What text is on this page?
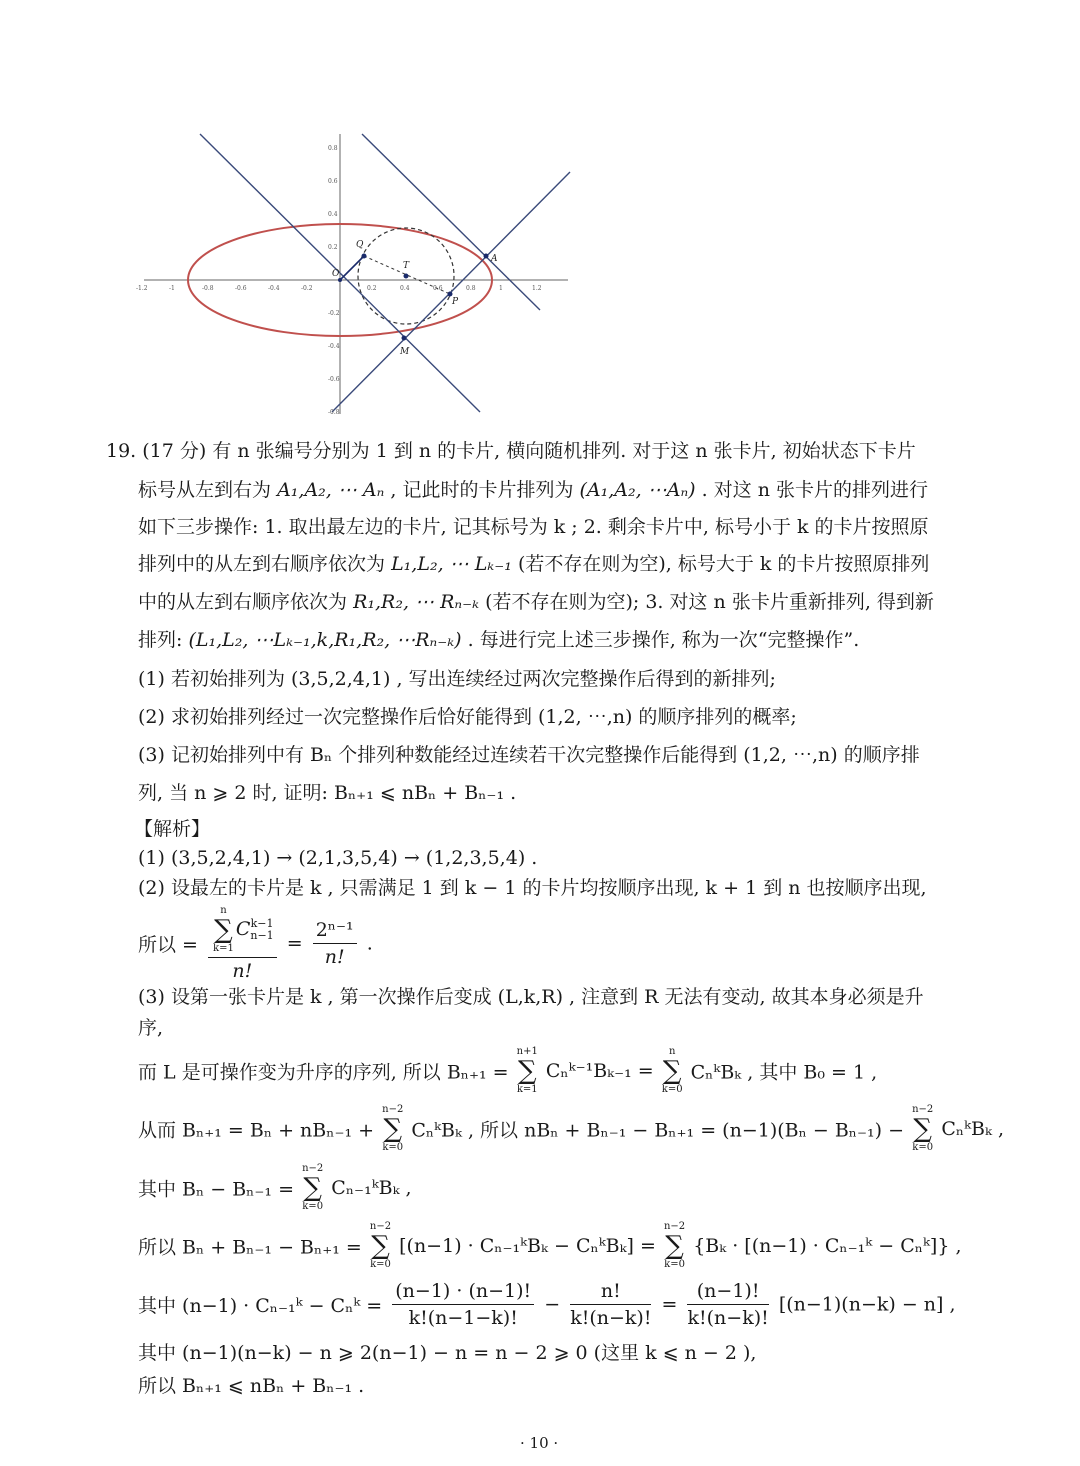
Q
T
P
A
M
O
-1.2	-1	-0.8	-0.6	-0.4	-0.2	0.2	0.4	0.6	0.8	1	1.2
0.8
0.6
0.4
0.2
-0.2
-0.4
-0.6
-0.8
19. (17 分) 有 n 张编号分别为 1 到 n 的卡片, 横向随机排列. 对于这 n 张卡片, 初始状态下卡片
标号从左到右为 A₁,A₂, ⋯ Aₙ , 记此时的卡片排列为 (A₁,A₂, ⋯Aₙ) . 对这 n 张卡片的排列进行
如下三步操作: 1. 取出最左边的卡片, 记其标号为 k ; 2. 剩余卡片中, 标号小于 k 的卡片按照原
排列中的从左到右顺序依次为 L₁,L₂, ⋯ Lₖ₋₁ (若不存在则为空), 标号大于 k 的卡片按照原排列
中的从左到右顺序依次为 R₁,R₂, ⋯ Rₙ₋ₖ (若不存在则为空); 3. 对这 n 张卡片重新排列, 得到新
排列: (L₁,L₂, ⋯Lₖ₋₁,k,R₁,R₂, ⋯Rₙ₋ₖ) . 每进行完上述三步操作, 称为一次“完整操作”.
(1) 若初始排列为 (3,5,2,4,1) , 写出连续经过两次完整操作后得到的新排列;
(2) 求初始排列经过一次完整操作后恰好能得到 (1,2, ⋯,n) 的顺序排列的概率;
(3) 记初始排列中有 Bₙ 个排列种数能经过连续若干次完整操作后能得到 (1,2, ⋯,n) 的顺序排
列, 当 n ⩾ 2 时, 证明: Bₙ₊₁ ⩽ nBₙ + Bₙ₋₁ .
【解析】
(1) (3,5,2,4,1) → (2,1,3,5,4) → (1,2,3,5,4) .
(2) 设最左的卡片是 k , 只需满足 1 到 k − 1 的卡片均按顺序出现, k + 1 到 n 也按顺序出现,
所以 = n
∑
k=1
C k−1
n−1
n! = $\frac{\text{2ⁿ⁻¹}}{n!}$ .
(3) 设第一张卡片是 k , 第一次操作后变成 (L,k,R) , 注意到 R 无法有变动, 故其本身必须是升
序,
而 L 是可操作变为升序的序列, 所以 Bₙ₊₁ =
n+1
∑
k=1
Cₙᵏ⁻¹Bₖ₋₁ =
n
∑
k=0
CₙᵏBₖ , 其中 B₀ = 1 ,
从而 Bₙ₊₁ = Bₙ + nBₙ₋₁ +
n−2
∑
k=0
CₙᵏBₖ , 所以 nBₙ + Bₙ₋₁ − Bₙ₊₁ = (n−1)(Bₙ − Bₙ₋₁) −
n−2
∑
k=0
CₙᵏBₖ ,
其中 Bₙ − Bₙ₋₁ =
n−2
∑
k=0
Cₙ₋₁ᵏBₖ ,
所以 Bₙ + Bₙ₋₁ − Bₙ₊₁ =
n−2
∑
k=0
[(n−1) · Cₙ₋₁ᵏBₖ − CₙᵏBₖ] =
n−2
∑
k=0
{Bₖ · [(n−1) · Cₙ₋₁ᵏ − Cₙᵏ]} ,
其中 (n−1) · Cₙ₋₁ᵏ − Cₙᵏ = $\frac{(n-1) \cdot (n-1)!}{k!(n-1-k)!} - \frac{n!}{k!(n-k)!} = \frac{(n-1)!}{k!(n-k)!} [(n-1)(n-k) - n]$ ,
其中 (n−1)(n−k) − n ⩾ 2(n−1) − n = n − 2 ⩾ 0 (这里 k ⩽ n − 2 ),
所以 Bₙ₊₁ ⩽ nBₙ + Bₙ₋₁ .
· 10 ·
